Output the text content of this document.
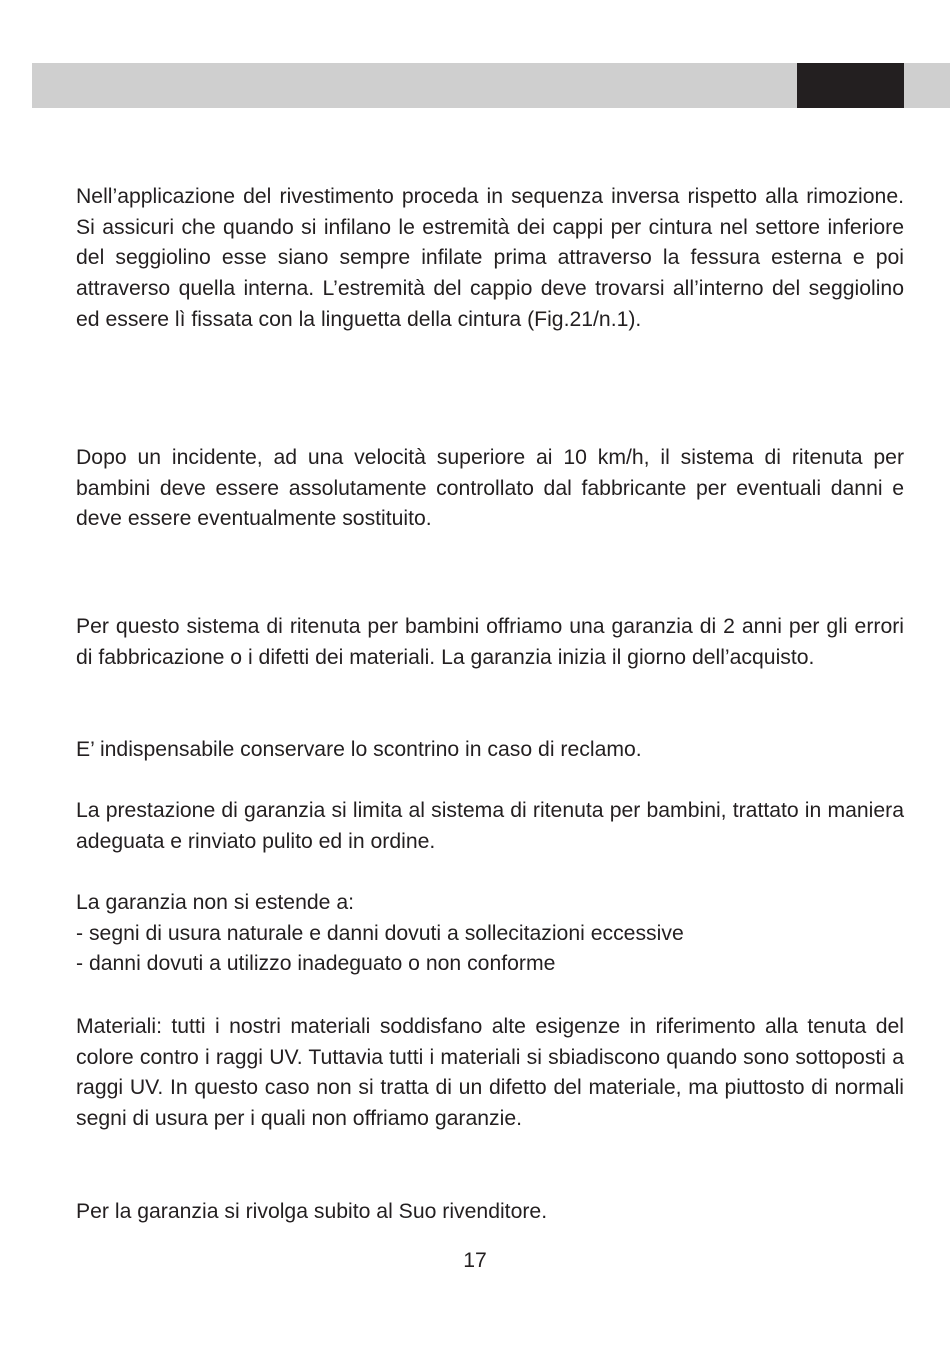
Nell’applicazione del rivestimento proceda in sequenza inversa rispetto alla rimozione. Si assicuri che quando si infilano le estremità dei cappi per cintura nel settore inferiore del seggiolino esse siano sempre infilate prima attraverso la fessura esterna e poi attraverso quella interna. L’estremità del cappio deve trovarsi all’interno del seggiolino ed essere lì fissata con la linguetta della cintura (Fig.21/n.1).

Dopo un incidente, ad una velocità superiore ai 10 km/h, il sistema di ritenuta per bambini deve essere assolutamente controllato dal fabbricante per eventuali danni e deve essere eventualmente sostituito.

Per questo sistema di ritenuta per bambini offriamo una garanzia di 2 anni per gli errori di fabbricazione o i difetti dei materiali. La garanzia inizia il giorno dell’acquisto.

E’ indispensabile conservare lo scontrino in caso di reclamo.

La prestazione di garanzia si limita al sistema di ritenuta per bambini, trattato in maniera adeguata e rinviato pulito ed in ordine.

La garanzia non si estende a:
- segni di usura naturale e danni dovuti a sollecitazioni eccessive
- danni dovuti a utilizzo inadeguato o non conforme

Materiali: tutti i nostri materiali soddisfano alte esigenze in riferimento alla tenuta del colore contro i raggi UV. Tuttavia tutti i materiali si sbiadiscono quando sono sottoposti a raggi UV. In questo caso non si tratta di un difetto del materiale, ma piuttosto di normali segni di usura per i quali non offriamo garanzie.

Per la garanzia si rivolga subito al Suo rivenditore.

17
